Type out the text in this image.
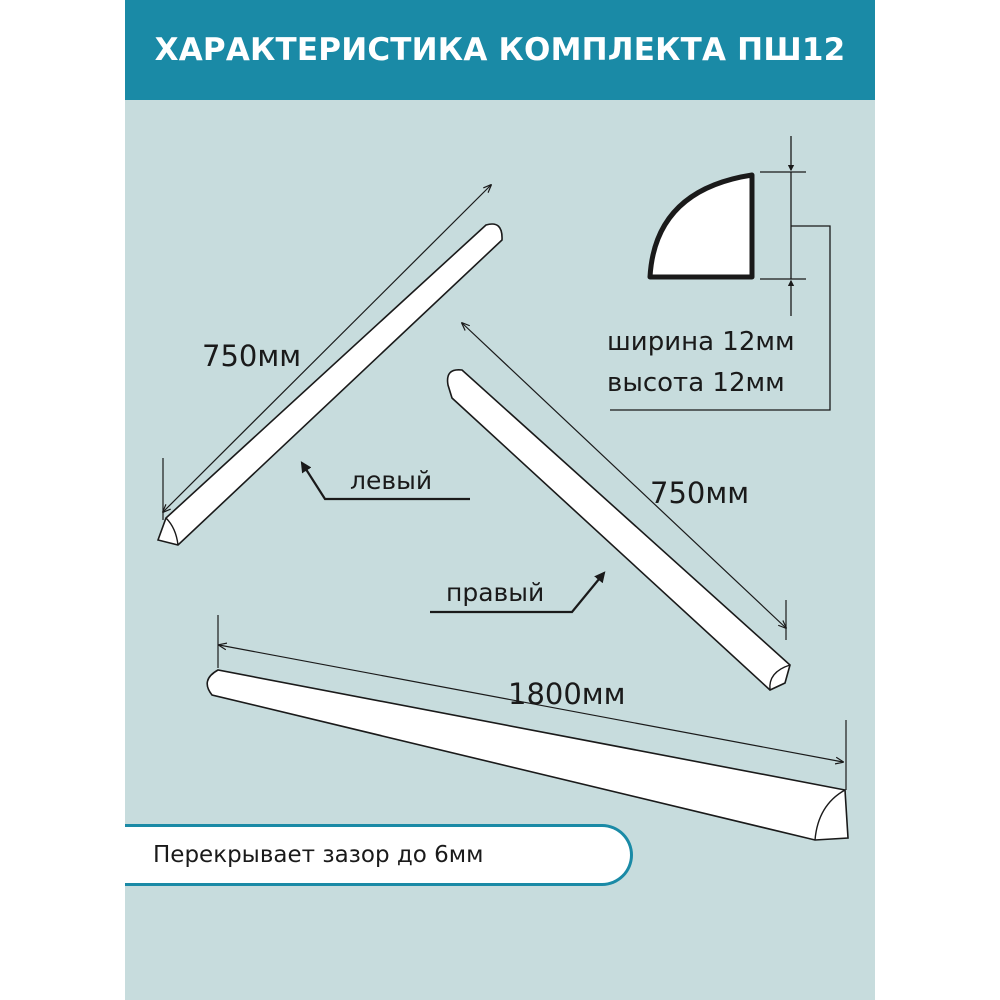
ХАРАКТЕРИСТИКА КОМПЛЕКТА ПШ12
750мм
750мм
1800мм
левый
правый
ширина 12мм
высота 12мм
Перекрывает зазор до 6мм
